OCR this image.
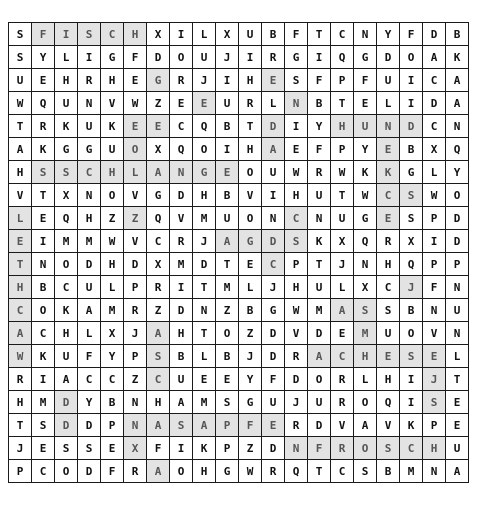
S	F	I	S	C	H	X	I	L	X	U	B	F	T	C	N	Y	F	D	B
S	Y	L	I	G	F	D	O	U	J	I	R	G	I	Q	G	D	O	A	K
U	E	H	R	H	E	G	R	J	I	H	E	S	F	P	F	U	I	C	A
W	Q	U	N	V	W	Z	E	E	U	R	L	N	B	T	E	L	I	D	A
T	R	K	U	K	E	E	C	Q	B	T	D	I	Y	H	U	N	D	C	N
A	K	G	G	U	O	X	Q	O	I	H	A	E	F	P	Y	E	B	X	Q
H	S	S	C	H	L	A	N	G	E	O	U	W	R	W	K	K	G	L	Y
V	T	X	N	O	V	G	D	H	B	V	I	H	U	T	W	C	S	W	O
L	E	Q	H	Z	Z	Q	V	M	U	O	N	C	N	U	G	E	S	P	D
E	I	M	M	W	V	C	R	J	A	G	D	S	K	X	Q	R	X	I	D
T	N	O	D	H	D	X	M	D	T	E	C	P	T	J	N	H	Q	P	P
H	B	C	U	L	P	R	I	T	M	L	J	H	U	L	X	C	J	F	N
C	O	K	A	M	R	Z	D	N	Z	B	G	W	M	A	S	S	B	N	U
A	C	H	L	X	J	A	H	T	O	Z	D	V	D	E	M	U	O	V	N
W	K	U	F	Y	P	S	B	L	B	J	D	R	A	C	H	E	S	E	L
R	I	A	C	C	Z	C	U	E	E	Y	F	D	O	R	L	H	I	J	T
H	M	D	Y	B	N	H	A	M	S	G	U	J	U	R	O	Q	I	S	E
T	S	D	D	P	N	A	S	A	P	F	E	R	D	V	A	V	K	P	E
J	E	S	S	E	X	F	I	K	P	Z	D	N	F	R	O	S	C	H	U
P	C	O	D	F	R	A	O	H	G	W	R	Q	T	C	S	B	M	N	A
